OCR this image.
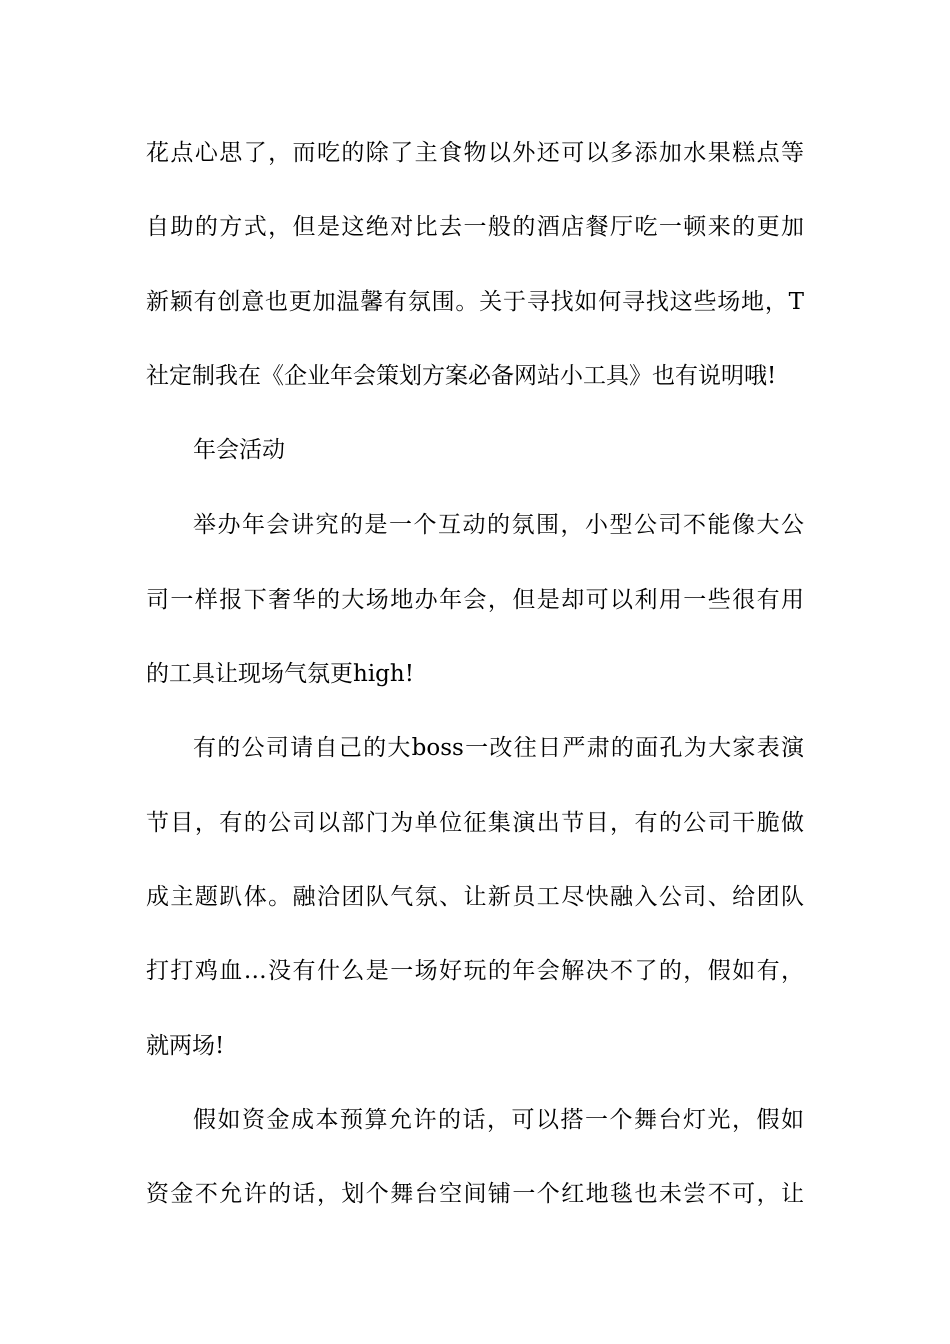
花点心思了，而吃的除了主食物以外还可以多添加水果糕点等
自助的方式，但是这绝对比去一般的酒店餐厅吃一顿来的更加
新颖有创意也更加温馨有氛围。关于寻找如何寻找这些场地，T
社定制我在《企业年会策划方案必备网站小工具》也有说明哦!
年会活动
举办年会讲究的是一个互动的氛围，小型公司不能像大公
司一样报下奢华的大场地办年会，但是却可以利用一些很有用
的工具让现场气氛更high!
有的公司请自己的大boss一改往日严肃的面孔为大家表演
节目，有的公司以部门为单位征集演出节目，有的公司干脆做
成主题趴体。融洽团队气氛、让新员工尽快融入公司、给团队
打打鸡血…没有什么是一场好玩的年会解决不了的，假如有，
就两场!
假如资金成本预算允许的话，可以搭一个舞台灯光，假如
资金不允许的话，划个舞台空间铺一个红地毯也未尝不可，让
